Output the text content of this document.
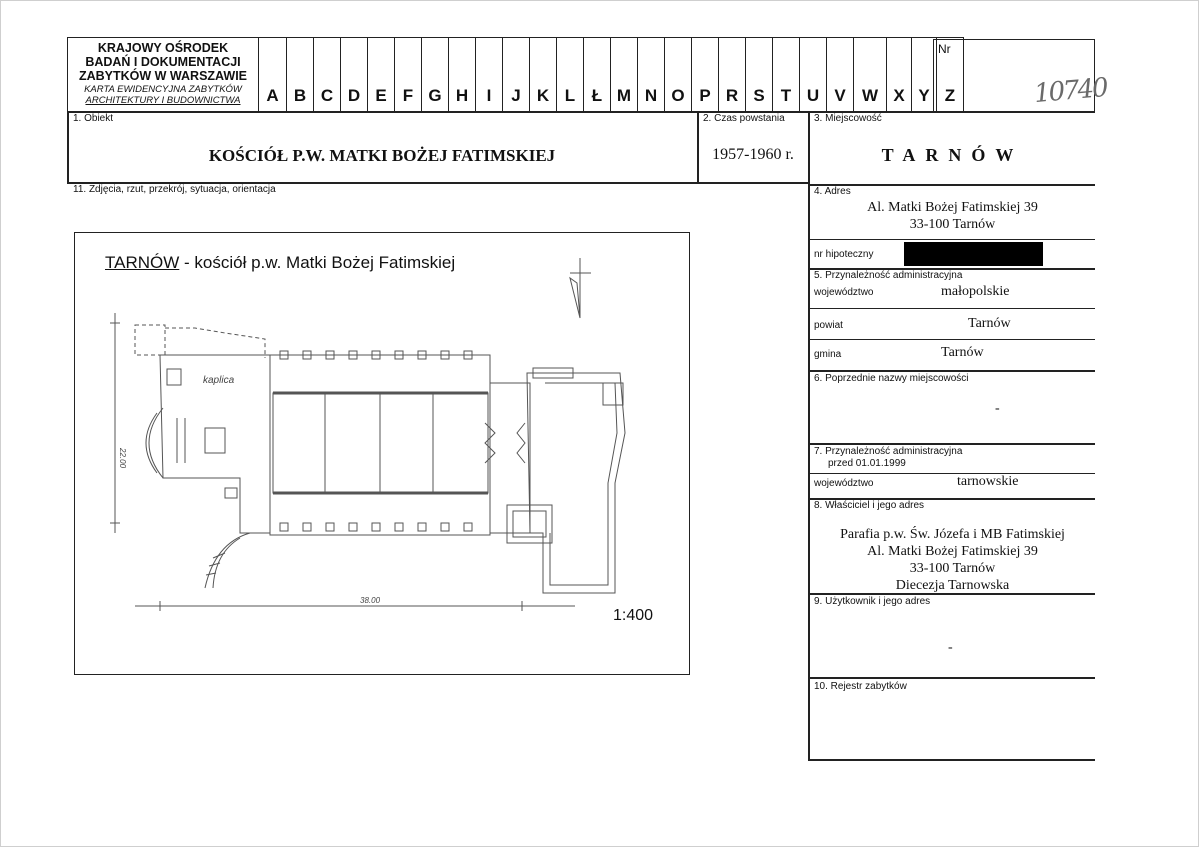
KRAJOWY OŚRODEK
BADAŃ I DOKUMENTACJI
ZABYTKÓW W WARSZAWIE
KARTA EWIDENCYJNA ZABYTKÓW
ARCHITEKTURY I BUDOWNICTWA	A B C D E F G H	I	J K L Ł M N O P R S T U V W X Y Z
Nr
10740
1. Obiekt
KOŚCIÓŁ P.W. MATKI BOŻEJ FATIMSKIEJ
2. Czas powstania
1957-1960 r.
3. Miejscowość
TARNÓW
11. Zdjęcia, rzut, przekrój, sytuacja, orientacja	4. Adres
Al. Matki Bożej Fatimskiej 39
33-100 Tarnów
nr hipoteczny
5. Przynależność administracyjna
województwo	małopolskie
powiat	Tarnów
gmina	Tarnów
6. Poprzednie nazwy miejscowości
-
7. Przynależność administracyjna
przed 01.01.1999
województwo	tarnowskie
8. Właściciel i jego adres
Parafia p.w. Św. Józefa i MB Fatimskiej
Al. Matki Bożej Fatimskiej 39
33-100 Tarnów
Diecezja Tarnowska
9. Użytkownik i jego adres
-
10. Rejestr zabytków
TARNÓW - kościół p.w. Matki Bożej Fatimskiej
kaplica
38.00
22.00
1:400
